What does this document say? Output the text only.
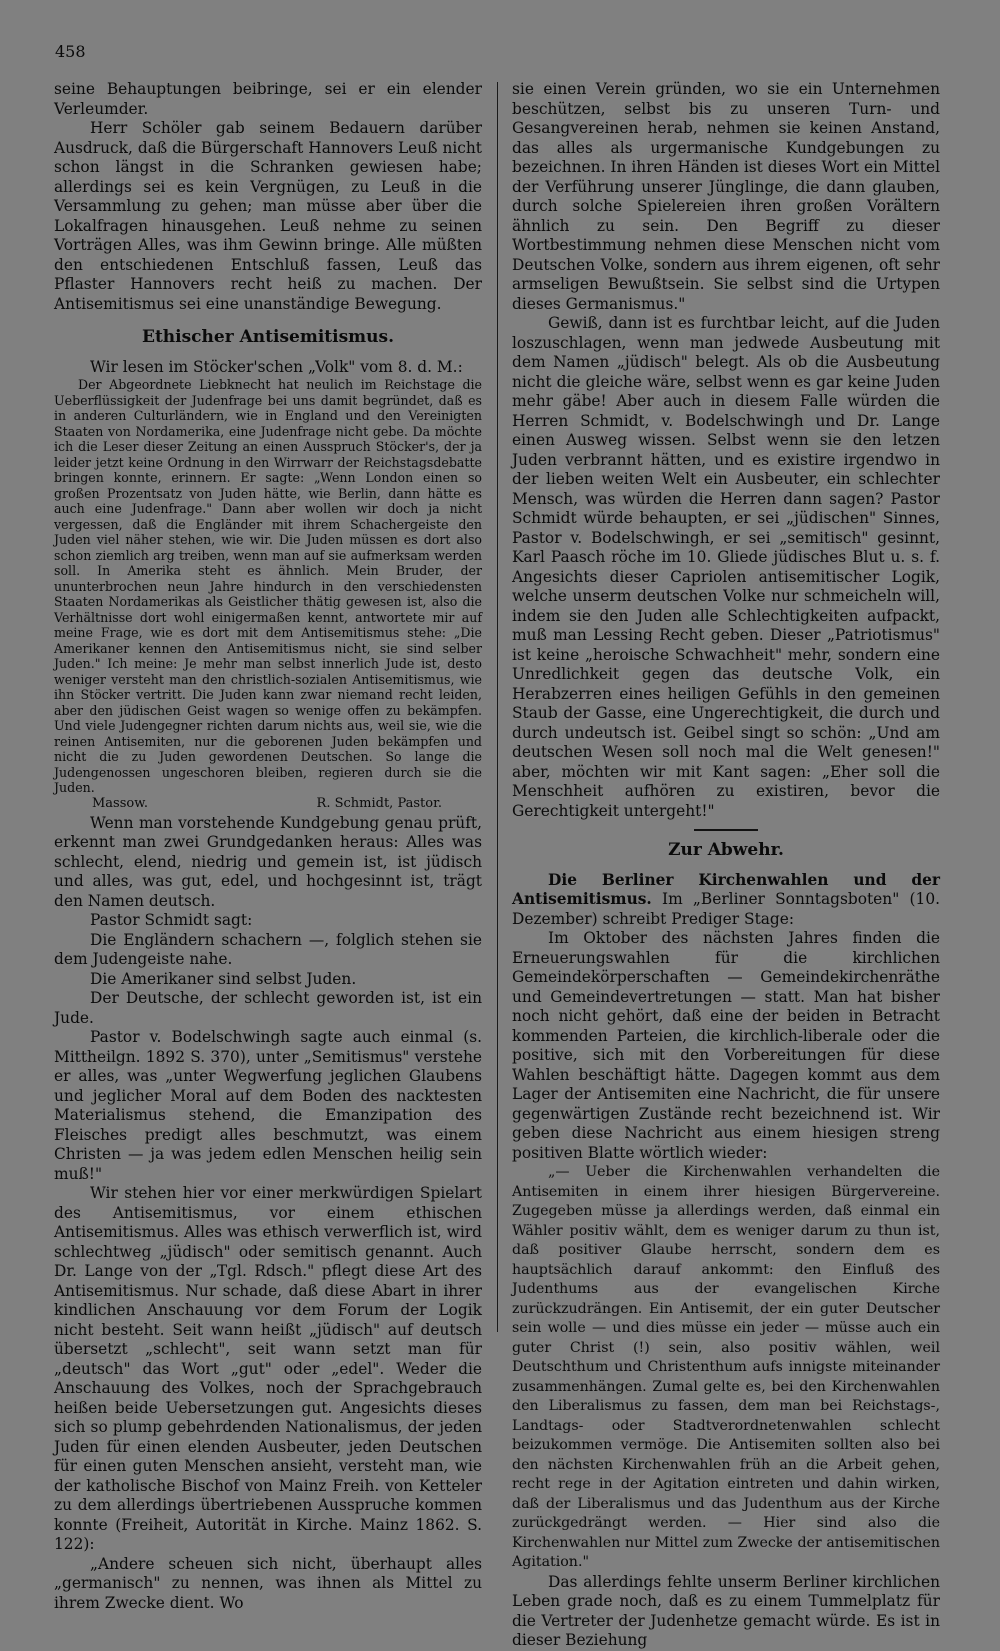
458

seine Behauptungen beibringe, sei er ein elender Verleumder.

Herr Schöler gab seinem Bedauern darüber Ausdruck, daß die Bürgerschaft Hannovers Leuß nicht schon längst in die Schranken gewiesen habe; allerdings sei es kein Vergnügen, zu Leuß in die Versammlung zu gehen; man müsse aber über die Lokalfragen hinausgehen. Leuß nehme zu seinen Vorträgen Alles, was ihm Gewinn bringe. Alle müßten den entschiedenen Entschluß fassen, Leuß das Pflaster Hannovers recht heiß zu machen. Der Antisemitismus sei eine unanständige Bewegung.

Ethischer Antisemitismus.

Wir lesen im Stöcker'schen „Volk" vom 8. d. M.:

Der Abgeordnete Liebknecht hat neulich im Reichstage die Ueberflüssigkeit der Judenfrage bei uns damit begründet, daß es in anderen Culturländern, wie in England und den Vereinigten Staaten von Nordamerika, eine Judenfrage nicht gebe. Da möchte ich die Leser dieser Zeitung an einen Ausspruch Stöcker's, der ja leider jetzt keine Ordnung in den Wirrwarr der Reichstagsdebatte bringen konnte, erinnern. Er sagte: „Wenn London einen so großen Prozentsatz von Juden hätte, wie Berlin, dann hätte es auch eine Judenfrage." Dann aber wollen wir doch ja nicht vergessen, daß die Engländer mit ihrem Schachergeiste den Juden viel näher stehen, wie wir. Die Juden müssen es dort also schon ziemlich arg treiben, wenn man auf sie aufmerksam werden soll. In Amerika steht es ähnlich. Mein Bruder, der ununterbrochen neun Jahre hindurch in den verschiedensten Staaten Nordamerikas als Geistlicher thätig gewesen ist, also die Verhältnisse dort wohl einigermaßen kennt, antwortete mir auf meine Frage, wie es dort mit dem Antisemitismus stehe: „Die Amerikaner kennen den Antisemitismus nicht, sie sind selber Juden." Ich meine: Je mehr man selbst innerlich Jude ist, desto weniger versteht man den christlich-sozialen Antisemitismus, wie ihn Stöcker vertritt. Die Juden kann zwar niemand recht leiden, aber den jüdischen Geist wagen so wenige offen zu bekämpfen. Und viele Judengegner richten darum nichts aus, weil sie, wie die reinen Antisemiten, nur die geborenen Juden bekämpfen und nicht die zu Juden gewordenen Deutschen. So lange die Judengenossen ungeschoren bleiben, regieren durch sie die Juden.

Massow.	R. Schmidt, Pastor.

Wenn man vorstehende Kundgebung genau prüft, erkennt man zwei Grundgedanken heraus: Alles was schlecht, elend, niedrig und gemein ist, ist jüdisch und alles, was gut, edel, und hochgesinnt ist, trägt den Namen deutsch.

Pastor Schmidt sagt:

Die Engländern schachern —, folglich stehen sie dem Judengeiste nahe.

Die Amerikaner sind selbst Juden.

Der Deutsche, der schlecht geworden ist, ist ein Jude.

Pastor v. Bodelschwingh sagte auch einmal (s. Mittheilgn. 1892 S. 370), unter „Semitismus" verstehe er alles, was „unter Wegwerfung jeglichen Glaubens und jeglicher Moral auf dem Boden des nacktesten Materialismus stehend, die Emanzipation des Fleisches predigt alles beschmutzt, was einem Christen — ja was jedem edlen Menschen heilig sein muß!"

Wir stehen hier vor einer merkwürdigen Spielart des Antisemitismus, vor einem ethischen Antisemitismus. Alles was ethisch verwerflich ist, wird schlechtweg „jüdisch" oder semitisch genannt. Auch Dr. Lange von der „Tgl. Rdsch." pflegt diese Art des Antisemitismus. Nur schade, daß diese Abart in ihrer kindlichen Anschauung vor dem Forum der Logik nicht besteht. Seit wann heißt „jüdisch" auf deutsch übersetzt „schlecht", seit wann setzt man für „deutsch" das Wort „gut" oder „edel". Weder die Anschauung des Volkes, noch der Sprachgebrauch heißen beide Uebersetzungen gut. Angesichts dieses sich so plump gebehrdenden Nationalismus, der jeden Juden für einen elenden Ausbeuter, jeden Deutschen für einen guten Menschen ansieht, versteht man, wie der katholische Bischof von Mainz Freih. von Ketteler zu dem allerdings übertriebenen Ausspruche kommen konnte (Freiheit, Autorität in Kirche. Mainz 1862. S. 122):

„Andere scheuen sich nicht, überhaupt alles „germanisch" zu nennen, was ihnen als Mittel zu ihrem Zwecke dient. Wo

sie einen Verein gründen, wo sie ein Unternehmen beschützen, selbst bis zu unseren Turn- und Gesangvereinen herab, nehmen sie keinen Anstand, das alles als urgermanische Kundgebungen zu bezeichnen. In ihren Händen ist dieses Wort ein Mittel der Verführung unserer Jünglinge, die dann glauben, durch solche Spielereien ihren großen Vorältern ähnlich zu sein. Den Begriff zu dieser Wortbestimmung nehmen diese Menschen nicht vom Deutschen Volke, sondern aus ihrem eigenen, oft sehr armseligen Bewußtsein. Sie selbst sind die Urtypen dieses Germanismus."

Gewiß, dann ist es furchtbar leicht, auf die Juden loszuschlagen, wenn man jedwede Ausbeutung mit dem Namen „jüdisch" belegt. Als ob die Ausbeutung nicht die gleiche wäre, selbst wenn es gar keine Juden mehr gäbe! Aber auch in diesem Falle würden die Herren Schmidt, v. Bodelschwingh und Dr. Lange einen Ausweg wissen. Selbst wenn sie den letzen Juden verbrannt hätten, und es existire irgendwo in der lieben weiten Welt ein Ausbeuter, ein schlechter Mensch, was würden die Herren dann sagen? Pastor Schmidt würde behaupten, er sei „jüdischen" Sinnes, Pastor v. Bodelschwingh, er sei „semitisch" gesinnt, Karl Paasch röche im 10. Gliede jüdisches Blut u. s. f. Angesichts dieser Capriolen antisemitischer Logik, welche unserm deutschen Volke nur schmeicheln will, indem sie den Juden alle Schlechtigkeiten aufpackt, muß man Lessing Recht geben. Dieser „Patriotismus" ist keine „heroische Schwachheit" mehr, sondern eine Unredlichkeit gegen das deutsche Volk, ein Herabzerren eines heiligen Gefühls in den gemeinen Staub der Gasse, eine Ungerechtigkeit, die durch und durch undeutsch ist. Geibel singt so schön: „Und am deutschen Wesen soll noch mal die Welt genesen!" aber, möchten wir mit Kant sagen: „Eher soll die Menschheit aufhören zu existiren, bevor die Gerechtigkeit untergeht!"

Zur Abwehr.

Die Berliner Kirchenwahlen und der Antisemitismus. Im „Berliner Sonntagsboten" (10. Dezember) schreibt Prediger Stage:

Im Oktober des nächsten Jahres finden die Erneuerungswahlen für die kirchlichen Gemeindekörperschaften — Gemeindekirchenräthe und Gemeindevertretungen — statt. Man hat bisher noch nicht gehört, daß eine der beiden in Betracht kommenden Parteien, die kirchlich-liberale oder die positive, sich mit den Vorbereitungen für diese Wahlen beschäftigt hätte. Dagegen kommt aus dem Lager der Antisemiten eine Nachricht, die für unsere gegenwärtigen Zustände recht bezeichnend ist. Wir geben diese Nachricht aus einem hiesigen streng positiven Blatte wörtlich wieder:

„— Ueber die Kirchenwahlen verhandelten die Antisemiten in einem ihrer hiesigen Bürgervereine. Zugegeben müsse ja allerdings werden, daß einmal ein Wähler positiv wählt, dem es weniger darum zu thun ist, daß positiver Glaube herrscht, sondern dem es hauptsächlich darauf ankommt: den Einfluß des Judenthums aus der evangelischen Kirche zurückzudrängen. Ein Antisemit, der ein guter Deutscher sein wolle — und dies müsse ein jeder — müsse auch ein guter Christ (!) sein, also positiv wählen, weil Deutschthum und Christenthum aufs innigste miteinander zusammenhängen. Zumal gelte es, bei den Kirchenwahlen den Liberalismus zu fassen, dem man bei Reichstags-, Landtags- oder Stadtverordnetenwahlen schlecht beizukommen vermöge. Die Antisemiten sollten also bei den nächsten Kirchenwahlen früh an die Arbeit gehen, recht rege in der Agitation eintreten und dahin wirken, daß der Liberalismus und das Judenthum aus der Kirche zurückgedrängt werden. — Hier sind also die Kirchenwahlen nur Mittel zum Zwecke der antisemitischen Agitation."

Das allerdings fehlte unserm Berliner kirchlichen Leben grade noch, daß es zu einem Tummelplatz für die Vertreter der Judenhetze gemacht würde. Es ist in dieser Beziehung
